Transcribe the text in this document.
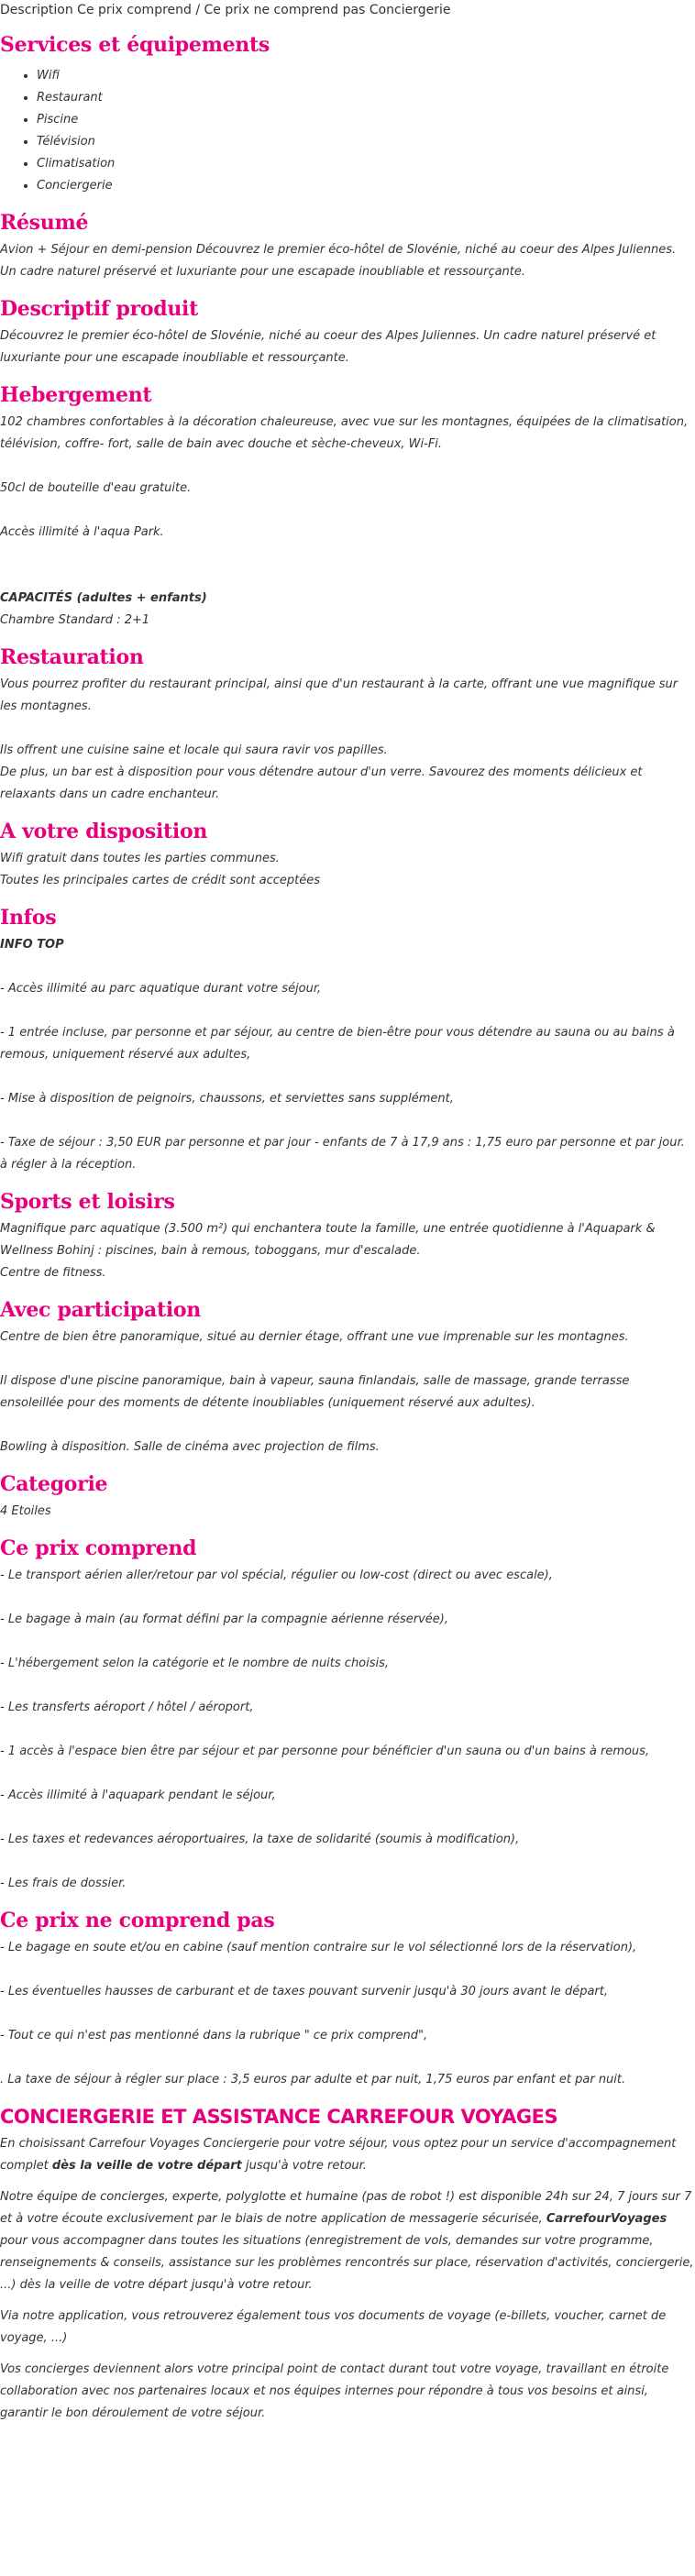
Description Ce prix comprend / Ce prix ne comprend pas Conciergerie
Services et équipements
• Wifi
• Restaurant
• Piscine
• Télévision
• Climatisation
• Conciergerie
Résumé

Avion + Séjour en demi-pension Découvrez le premier éco-hôtel de Slovénie, niché au coeur des Alpes Juliennes. Un cadre naturel préservé et luxuriante pour une escapade inoubliable et ressourçante.

Descriptif produit

Découvrez le premier éco-hôtel de Slovénie, niché au coeur des Alpes Juliennes. Un cadre naturel préservé et luxuriante pour une escapade inoubliable et ressourçante.

Hebergement

102 chambres confortables à la décoration chaleureuse, avec vue sur les montagnes, équipées de la climatisation, télévision, coffre- fort, salle de bain avec douche et sèche-cheveux, Wi-Fi.

50cl de bouteille d'eau gratuite.

Accès illimité à l'aqua Park.

CAPACITÉS (adultes + enfants)

Chambre Standard : 2+1

Restauration

Vous pourrez profiter du restaurant principal, ainsi que d'un restaurant à la carte, offrant une vue magnifique sur les montagnes.

Ils offrent une cuisine saine et locale qui saura ravir vos papilles.

De plus, un bar est à disposition pour vous détendre autour d'un verre. Savourez des moments délicieux et relaxants dans un cadre enchanteur.

A votre disposition

Wifi gratuit dans toutes les parties communes.

Toutes les principales cartes de crédit sont acceptées

Infos

INFO TOP

- Accès illimité au parc aquatique durant votre séjour,

- 1 entrée incluse, par personne et par séjour, au centre de bien-être pour vous détendre au sauna ou au bains à remous, uniquement réservé aux adultes,

- Mise à disposition de peignoirs, chaussons, et serviettes sans supplément,

- Taxe de séjour : 3,50 EUR par personne et par jour - enfants de 7 à 17,9 ans : 1,75 euro par personne et par jour. à régler à la réception.

Sports et loisirs

Magnifique parc aquatique (3.500 m²) qui enchantera toute la famille, une entrée quotidienne à l'Aquapark & Wellness Bohinj : piscines, bain à remous, toboggans, mur d'escalade.

Centre de fitness.

Avec participation

Centre de bien être panoramique, situé au dernier étage, offrant une vue imprenable sur les montagnes.

Il dispose d'une piscine panoramique, bain à vapeur, sauna finlandais, salle de massage, grande terrasse ensoleillée pour des moments de détente inoubliables (uniquement réservé aux adultes).

Bowling à disposition. Salle de cinéma avec projection de films.

Categorie

4 Etoiles

Ce prix comprend

- Le transport aérien aller/retour par vol spécial, régulier ou low-cost (direct ou avec escale),

- Le bagage à main (au format défini par la compagnie aérienne réservée),

- L'hébergement selon la catégorie et le nombre de nuits choisis,

- Les transferts aéroport / hôtel / aéroport,

- 1 accès à l'espace bien être par séjour et par personne pour bénéficier d'un sauna ou d'un bains à remous,

- Accès illimité à l'aquapark pendant le séjour,

- Les taxes et redevances aéroportuaires, la taxe de solidarité (soumis à modification),

- Les frais de dossier.

Ce prix ne comprend pas

- Le bagage en soute et/ou en cabine (sauf mention contraire sur le vol sélectionné lors de la réservation),

- Les éventuelles hausses de carburant et de taxes pouvant survenir jusqu'à 30 jours avant le départ,

- Tout ce qui n'est pas mentionné dans la rubrique " ce prix comprend",

. La taxe de séjour à régler sur place : 3,5 euros par adulte et par nuit, 1,75 euros par enfant et par nuit.

CONCIERGERIE ET ASSISTANCE CARREFOUR VOYAGES

En choisissant Carrefour Voyages Conciergerie pour votre séjour, vous optez pour un service d'accompagnement complet dès la veille de votre départ jusqu'à votre retour.

Notre équipe de concierges, experte, polyglotte et humaine (pas de robot !) est disponible 24h sur 24, 7 jours sur 7 et à votre écoute exclusivement par le biais de notre application de messagerie sécurisée, CarrefourVoyages pour vous accompagner dans toutes les situations (enregistrement de vols, demandes sur votre programme, renseignements & conseils, assistance sur les problèmes rencontrés sur place, réservation d'activités, conciergerie, ...) dès la veille de votre départ jusqu'à votre retour.

Via notre application, vous retrouverez également tous vos documents de voyage (e-billets, voucher, carnet de voyage, ...)

Vos concierges deviennent alors votre principal point de contact durant tout votre voyage, travaillant en étroite collaboration avec nos partenaires locaux et nos équipes internes pour répondre à tous vos besoins et ainsi, garantir le bon déroulement de votre séjour.
